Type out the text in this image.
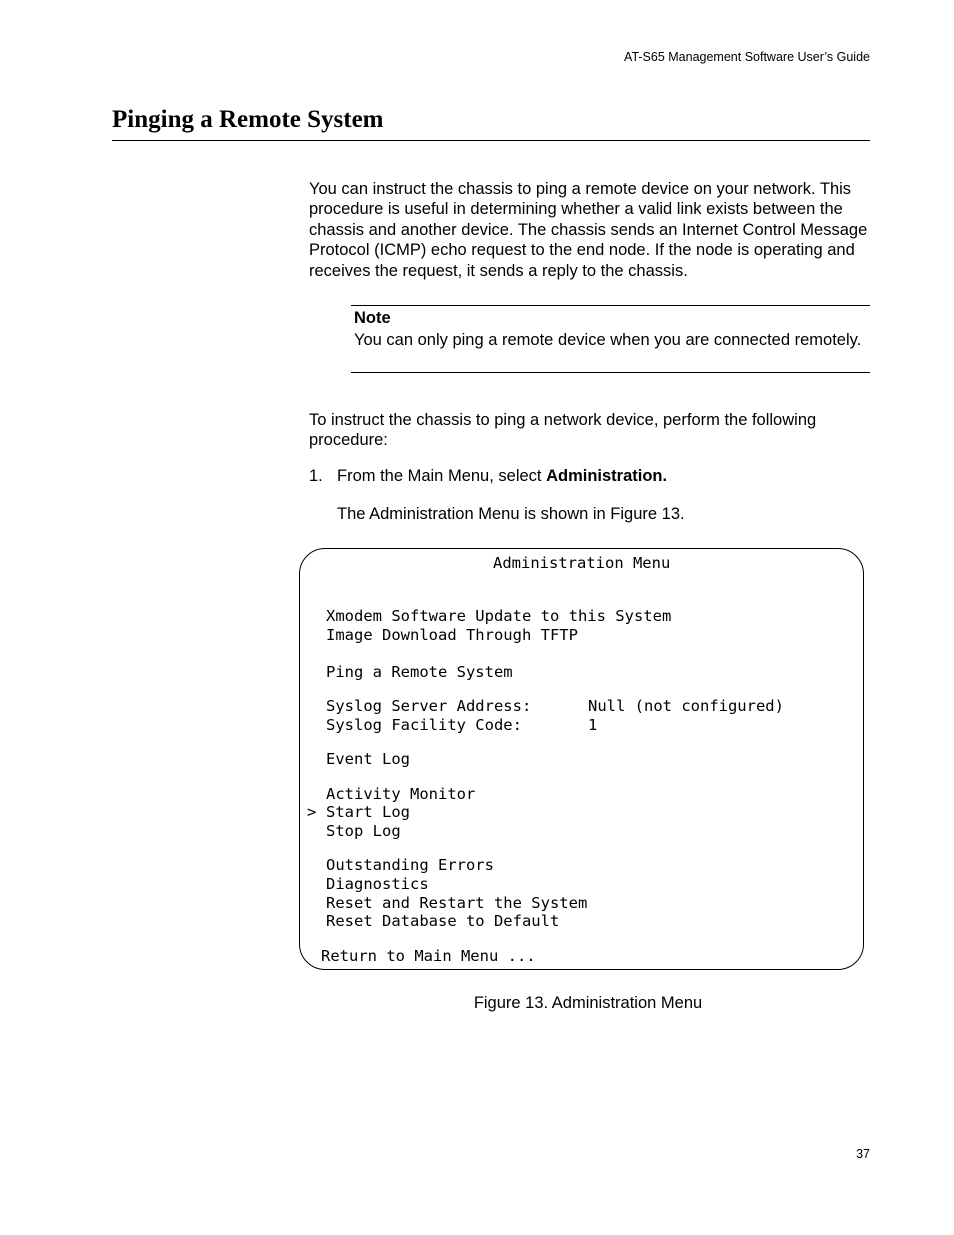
AT-S65 Management Software User’s Guide
Pinging a Remote System
You can instruct the chassis to ping a remote device on your network. This procedure is useful in determining whether a valid link exists between the chassis and another device. The chassis sends an Internet Control Message Protocol (ICMP) echo request to the end node. If the node is operating and receives the request, it sends a reply to the chassis.
Note
You can only ping a remote device when you are connected remotely.
To instruct the chassis to ping a network device, perform the following procedure:
1. From the Main Menu, select Administration.
The Administration Menu is shown in Figure 13.
Administration Menu
Xmodem Software Update to this System
Image Download Through TFTP
Ping a Remote System
Syslog Server Address:	Null (not configured)
Syslog Facility Code:	1
Event Log
Activity Monitor
> Start Log
Stop Log
Outstanding Errors
Diagnostics
Reset and Restart the System
Reset Database to Default
Return to Main Menu ...
Figure 13. Administration Menu
37
